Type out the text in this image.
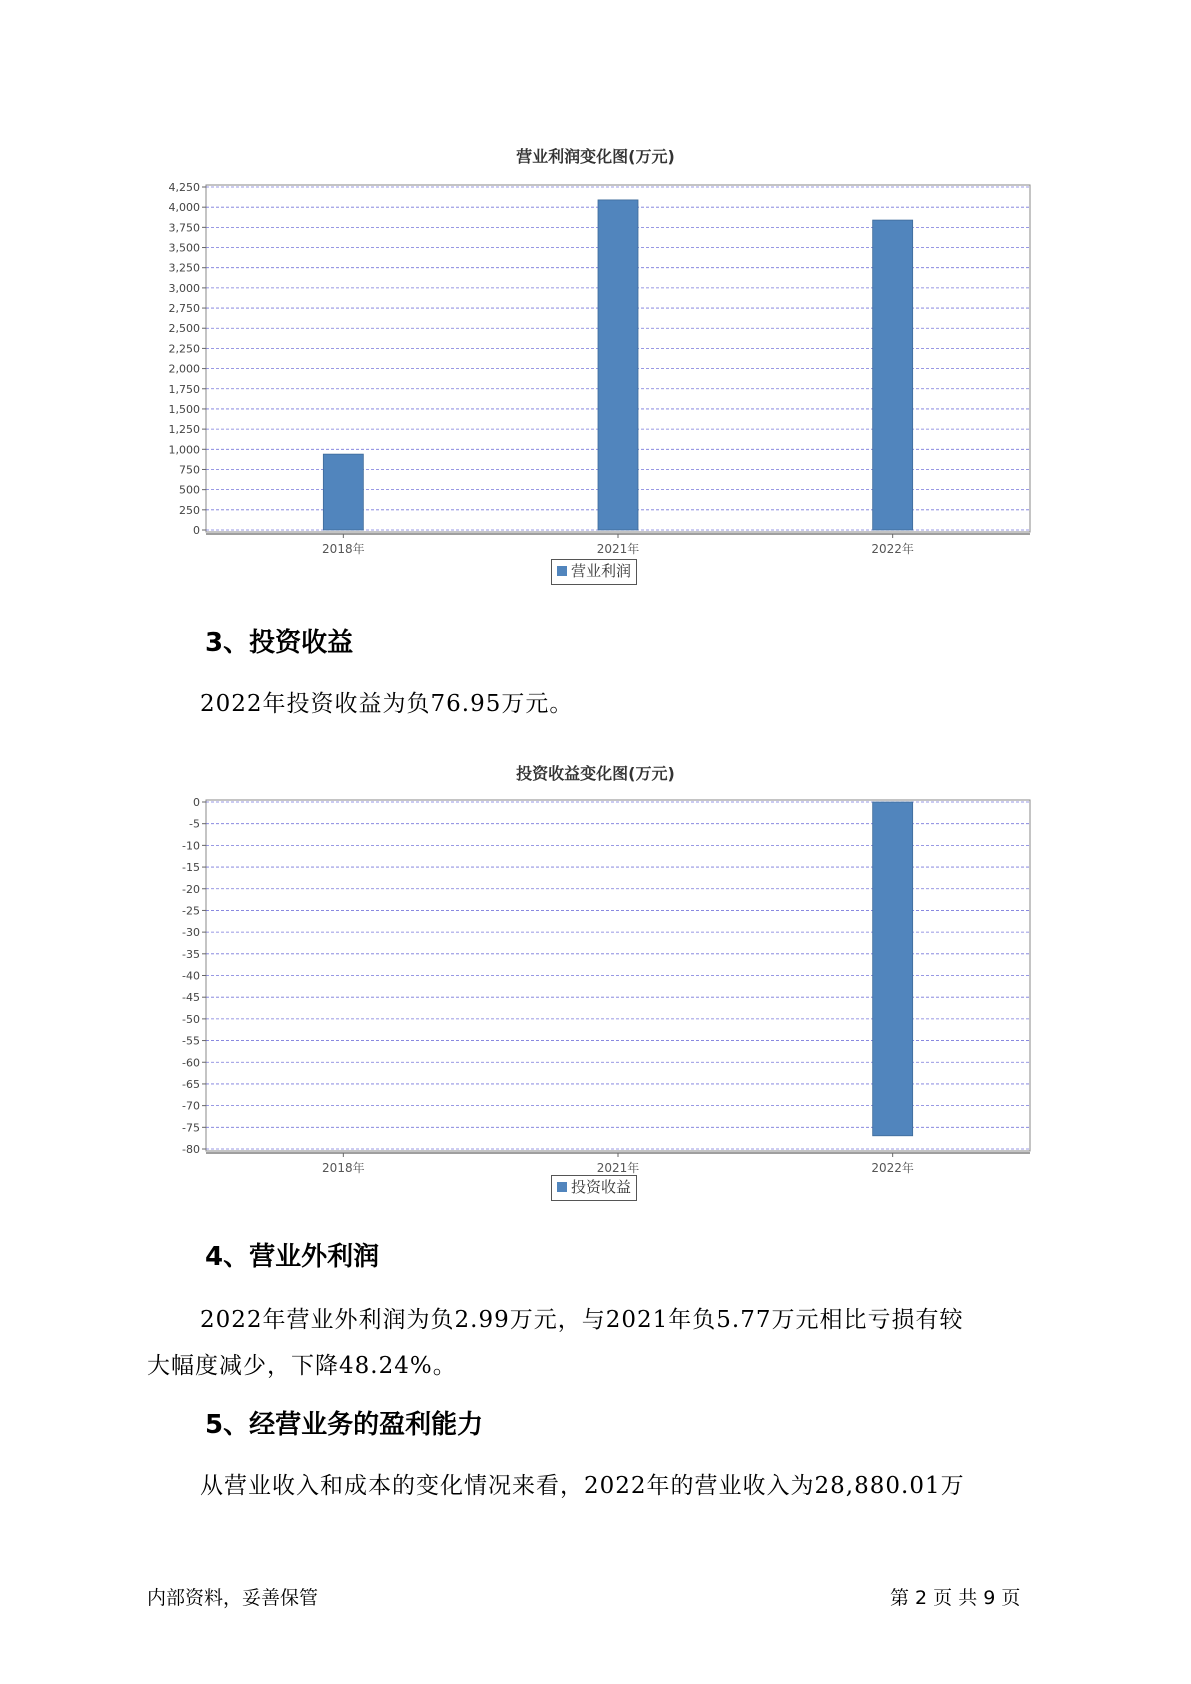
营业利润变化图(万元)
0
250
500
750
1,000
1,250
1,500
1,750
2,000
2,250
2,500
2,750
3,000
3,250
3,500
3,750
4,000
4,250
2018年	2021年	2022年
营业利润
3、投资收益
2022年投资收益为负76.95万元。
投资收益变化图(万元)
0
-5
-10
-15
-20
-25
-30
-35
-40
-45
-50
-55
-60
-65
-70
-75
-80
2018年	2021年	2022年
投资收益
4、营业外利润
2022年营业外利润为负2.99万元，与2021年负5.77万元相比亏损有较
大幅度减少，下降48.24%。
5、经营业务的盈利能力
从营业收入和成本的变化情况来看，2022年的营业收入为28,880.01万
内部资料，妥善保管	第 2 页 共 9 页
